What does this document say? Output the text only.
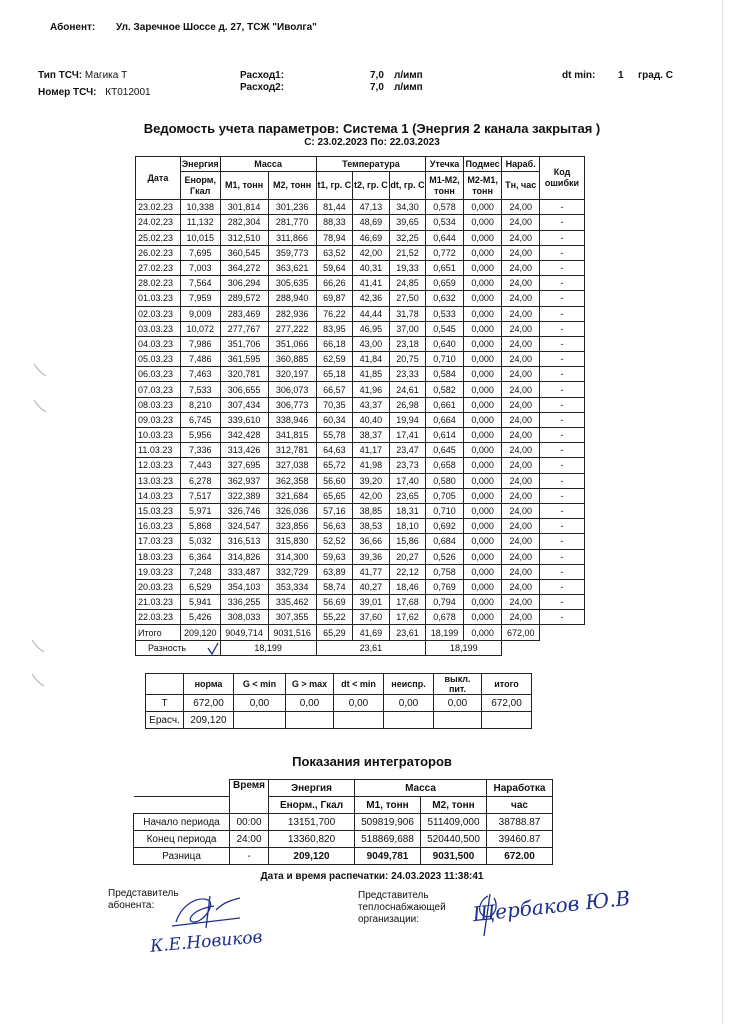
Абонент: Ул. Заречное Шоссе д. 27, ТСЖ "Иволга"
Тип ТСЧ: Магика Т
Номер ТСЧ: КТ012001
Расход1:	7,0 л/имп
Расход2:	7,0 л/имп
dt min: 1 град. С
Ведомость учета параметров: Система 1 (Энергия 2 канала закрытая )
С: 23.02.2023 По: 22.03.2023
Дата	Энергия	Масса		Температура			Утечка	Подмес	Нараб.	Код ошибки
	Енорм, Гкал	М1, тонн	М2, тонн	t1, гр. С	t2, гр. С	dt, гр. С	М1-М2, тонн	М2-М1, тонн	Тн, час	
23.02.23	10,338	301,814	301,236	81,44	47,13	34,30	0,578	0,000	24,00	-
24.02.23	11,132	282,304	281,770	88,33	48,69	39,65	0,534	0,000	24,00	-
25.02.23	10,015	312,510	311,866	78,94	46,69	32,25	0,644	0,000	24,00	-
26.02.23	7,695	360,545	359,773	63,52	42,00	21,52	0,772	0,000	24,00	-
27.02.23	7,003	364,272	363,621	59,64	40,31	19,33	0,651	0,000	24,00	-
28.02.23	7,564	306,294	305,635	66,26	41,41	24,85	0,659	0,000	24,00	-
01.03.23	7,959	289,572	288,940	69,87	42,36	27,50	0,632	0,000	24,00	-
02.03.23	9,009	283,469	282,936	76,22	44,44	31,78	0,533	0,000	24,00	-
03.03.23	10,072	277,767	277,222	83,95	46,95	37,00	0,545	0,000	24,00	-
04.03.23	7,986	351,706	351,066	66,18	43,00	23,18	0,640	0,000	24,00	-
05.03.23	7,486	361,595	360,885	62,59	41,84	20,75	0,710	0,000	24,00	-
06.03.23	7,463	320,781	320,197	65,18	41,85	23,33	0,584	0,000	24,00	-
07.03.23	7,533	306,655	306,073	66,57	41,96	24,61	0,582	0,000	24,00	-
08.03.23	8,210	307,434	306,773	70,35	43,37	26,98	0,661	0,000	24,00	-
09.03.23	6,745	339,610	338,946	60,34	40,40	19,94	0,664	0,000	24,00	-
10.03.23	5,956	342,428	341,815	55,78	38,37	17,41	0,614	0,000	24,00	-
11.03.23	7,336	313,426	312,781	64,63	41,17	23,47	0,645	0,000	24,00	-
12.03.23	7,443	327,695	327,038	65,72	41,98	23,73	0,658	0,000	24,00	-
13.03.23	6,278	362,937	362,358	56,60	39,20	17,40	0,580	0,000	24,00	-
14.03.23	7,517	322,389	321,684	65,65	42,00	23,65	0,705	0,000	24,00	-
15.03.23	5,971	326,746	326,036	57,16	38,85	18,31	0,710	0,000	24,00	-
16.03.23	5,868	324,547	323,856	56,63	38,53	18,10	0,692	0,000	24,00	-
17.03.23	5,032	316,513	315,830	52,52	36,66	15,86	0,684	0,000	24,00	-
18.03.23	6,364	314,826	314,300	59,63	39,36	20,27	0,526	0,000	24,00	-
19.03.23	7,248	333,487	332,729	63,89	41,77	22,12	0,758	0,000	24,00	-
20.03.23	6,529	354,103	353,334	58,74	40,27	18,46	0,769	0,000	24,00	-
21.03.23	5,941	336,255	335,462	56,69	39,01	17,68	0,794	0,000	24,00	-
22.03.23	5,426	308,033	307,355	55,22	37,60	17,62	0,678	0,000	24,00	-
Итого	209,120	9049,714	9031,516	65,29	41,69	23,61	18,199	0,000	672,00	
Разность		18,199		23,61			18,199			
	норма	G < min	G > max	dt < min	неиспр.	выкл. пит.	итого
Т	672,00	0,00	0,00	0,00	0,00	0,00	672,00
Ерасч.	209,120						
Показания интеграторов
	Время	Энергия	Масса		Наработка
		Енорм., Гкал	М1, тонн	М2, тонн	час
Начало периода	00:00	13151,700	509819,906	511409,000	38788.87
Конец периода	24:00	13360,820	518869,688	520440,500	39460.87
Разница	-	209,120	9049,781	9031,500	672.00
Дата и время распечатки: 24.03.2023 11:38:41
Представитель абонента:
Представитель теплоснабжающей организации:
К.Е.Новиков
Щербаков Ю.В
